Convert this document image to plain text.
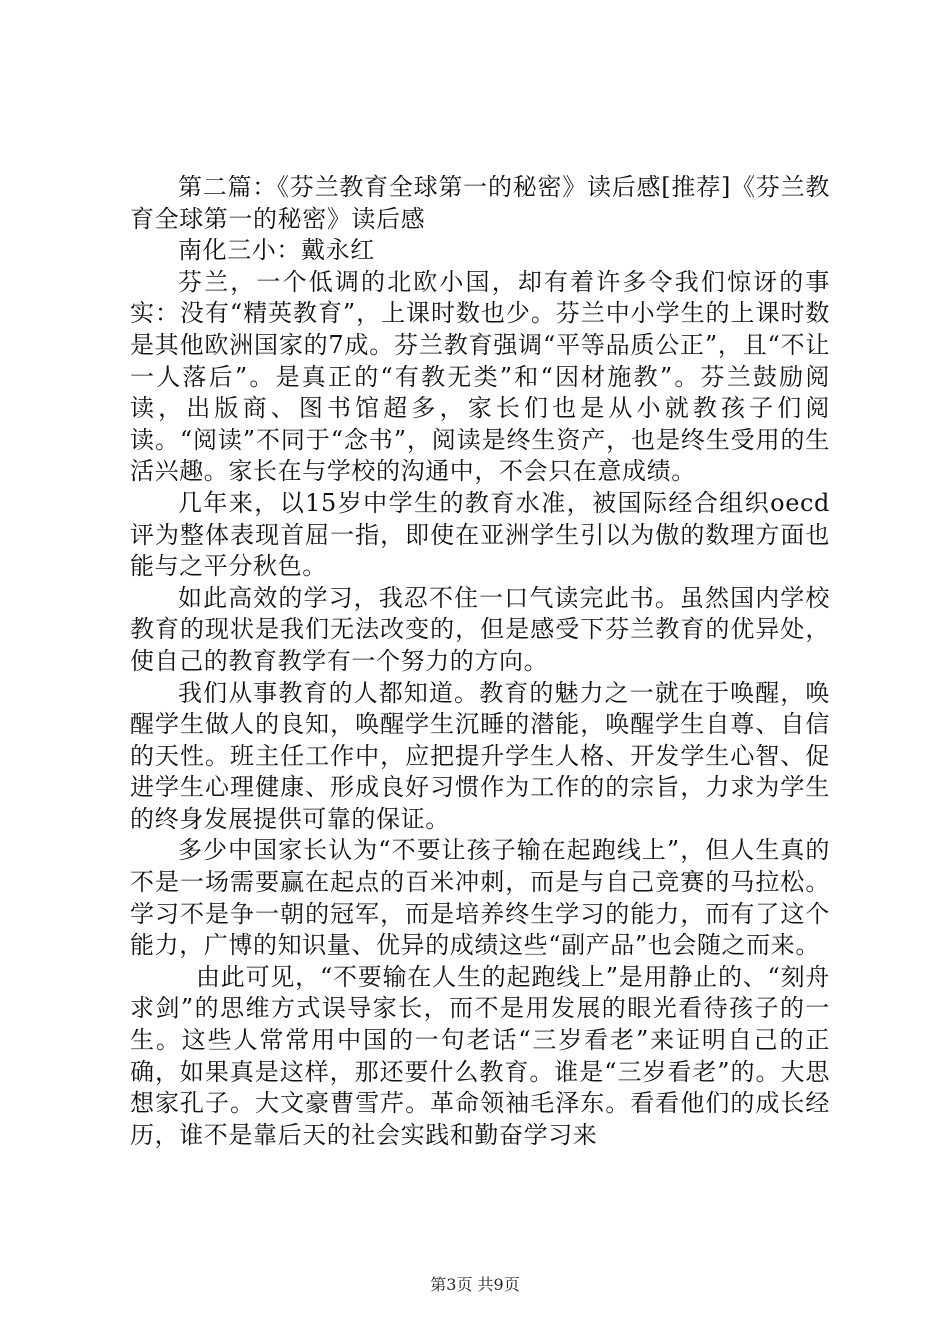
第二篇：《芬兰教育全球第一的秘密》读后感[推荐]《芬兰教育全球第一的秘密》读后感

南化三小：戴永红

芬兰，一个低调的北欧小国，却有着许多令我们惊讶的事实：没有“精英教育”，上课时数也少。芬兰中小学生的上课时数是其他欧洲国家的7成。芬兰教育强调“平等品质公正”，且“不让一人落后”。是真正的“有教无类”和“因材施教”。芬兰鼓励阅读，出版商、图书馆超多，家长们也是从小就教孩子们阅读。“阅读”不同于“念书”，阅读是终生资产，也是终生受用的生活兴趣。家长在与学校的沟通中，不会只在意成绩。

几年来，以15岁中学生的教育水准，被国际经合组织oecd评为整体表现首屈一指，即使在亚洲学生引以为傲的数理方面也能与之平分秋色。

如此高效的学习，我忍不住一口气读完此书。虽然国内学校教育的现状是我们无法改变的，但是感受下芬兰教育的优异处，使自己的教育教学有一个努力的方向。

我们从事教育的人都知道。教育的魅力之一就在于唤醒，唤醒学生做人的良知，唤醒学生沉睡的潜能，唤醒学生自尊、自信的天性。班主任工作中，应把提升学生人格、开发学生心智、促进学生心理健康、形成良好习惯作为工作的的宗旨，力求为学生的终身发展提供可靠的保证。

多少中国家长认为“不要让孩子输在起跑线上”，但人生真的不是一场需要赢在起点的百米冲刺，而是与自己竞赛的马拉松。学习不是争一朝的冠军，而是培养终生学习的能力，而有了这个能力，广博的知识量、优异的成绩这些“副产品”也会随之而来。

由此可见，“不要输在人生的起跑线上”是用静止的、“刻舟求剑”的思维方式误导家长，而不是用发展的眼光看待孩子的一生。这些人常常用中国的一句老话“三岁看老”来证明自己的正确，如果真是这样，那还要什么教育。谁是“三岁看老”的。大思想家孔子。大文豪曹雪芹。革命领袖毛泽东。看看他们的成长经历，谁不是靠后天的社会实践和勤奋学习来

第3页 共9页
